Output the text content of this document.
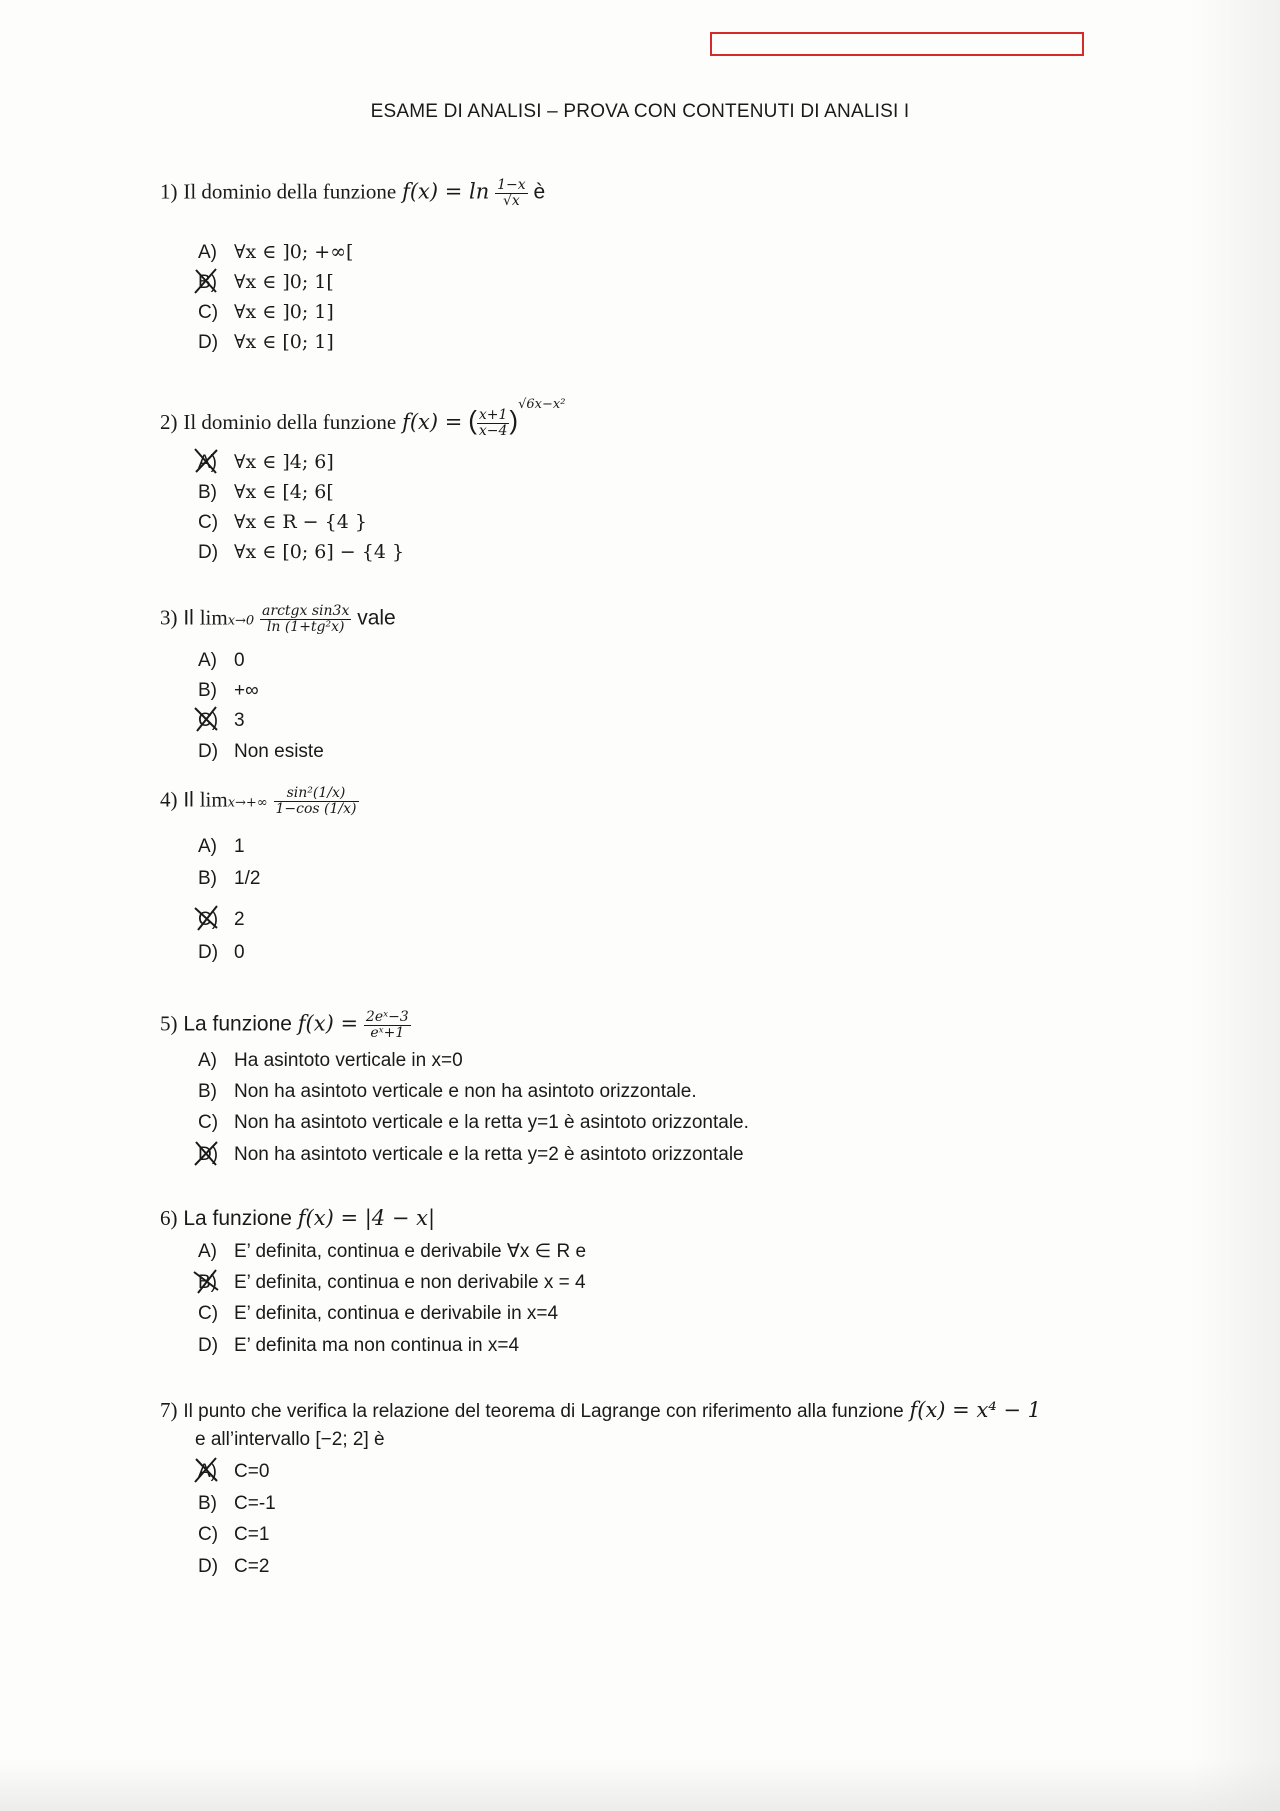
ESAME DI ANALISI – PROVA CON CONTENUTI DI ANALISI I
1) Il dominio della funzione $f(x) = \ln \frac{1-x}{√x}$ è
A) ∀x ∈ ]0; +∞[
B) ∀x ∈ ]0; 1[
C) ∀x ∈ ]0; 1]
D) ∀x ∈ [0; 1]
2) Il dominio della funzione f(x) = ( $\frac{x+1}{x-4} )^{√6x-x^2}$
A) ∀x ∈ ]4; 6]
B) ∀x ∈ [4; 6[
C) ∀x ∈ R − {4 }
D) ∀x ∈ [0; 6] − {4 }
3) Il $\lim x\to 0 \frac{\text{arctgx sin3x}}{\text{ln (1+tg²x)}}$ vale
A) 0
B) +∞
C) 3
D) Non esiste
4) Il $\lim x\to+\infty \frac{\text{sin²(1/x)}}{1-\cos (1/x)}$
A) 1
B) 1/2
C) 2
D) 0
5) La funzione $f(x) = \frac{\text{2eˣ−3}}{\text{eˣ+1}}$
A) Ha asintoto verticale in x=0
B) Non ha asintoto verticale e non ha asintoto orizzontale.
C) Non ha asintoto verticale e la retta y=1 è asintoto orizzontale.
D) Non ha asintoto verticale e la retta y=2 è asintoto orizzontale
6) La funzione f(x) = |4 − x|
A) E’ definita, continua e derivabile ∀x ∈ R e
B) E’ definita, continua e non derivabile x = 4
C) E’ definita, continua e derivabile in x=4
D) E’ definita ma non continua in x=4
7) Il punto che verifica la relazione del teorema di Lagrange con riferimento alla funzione f(x) = x⁴ − 1
e all’intervallo [−2; 2] è
A) C=0
B) C=-1
C) C=1
D) C=2
